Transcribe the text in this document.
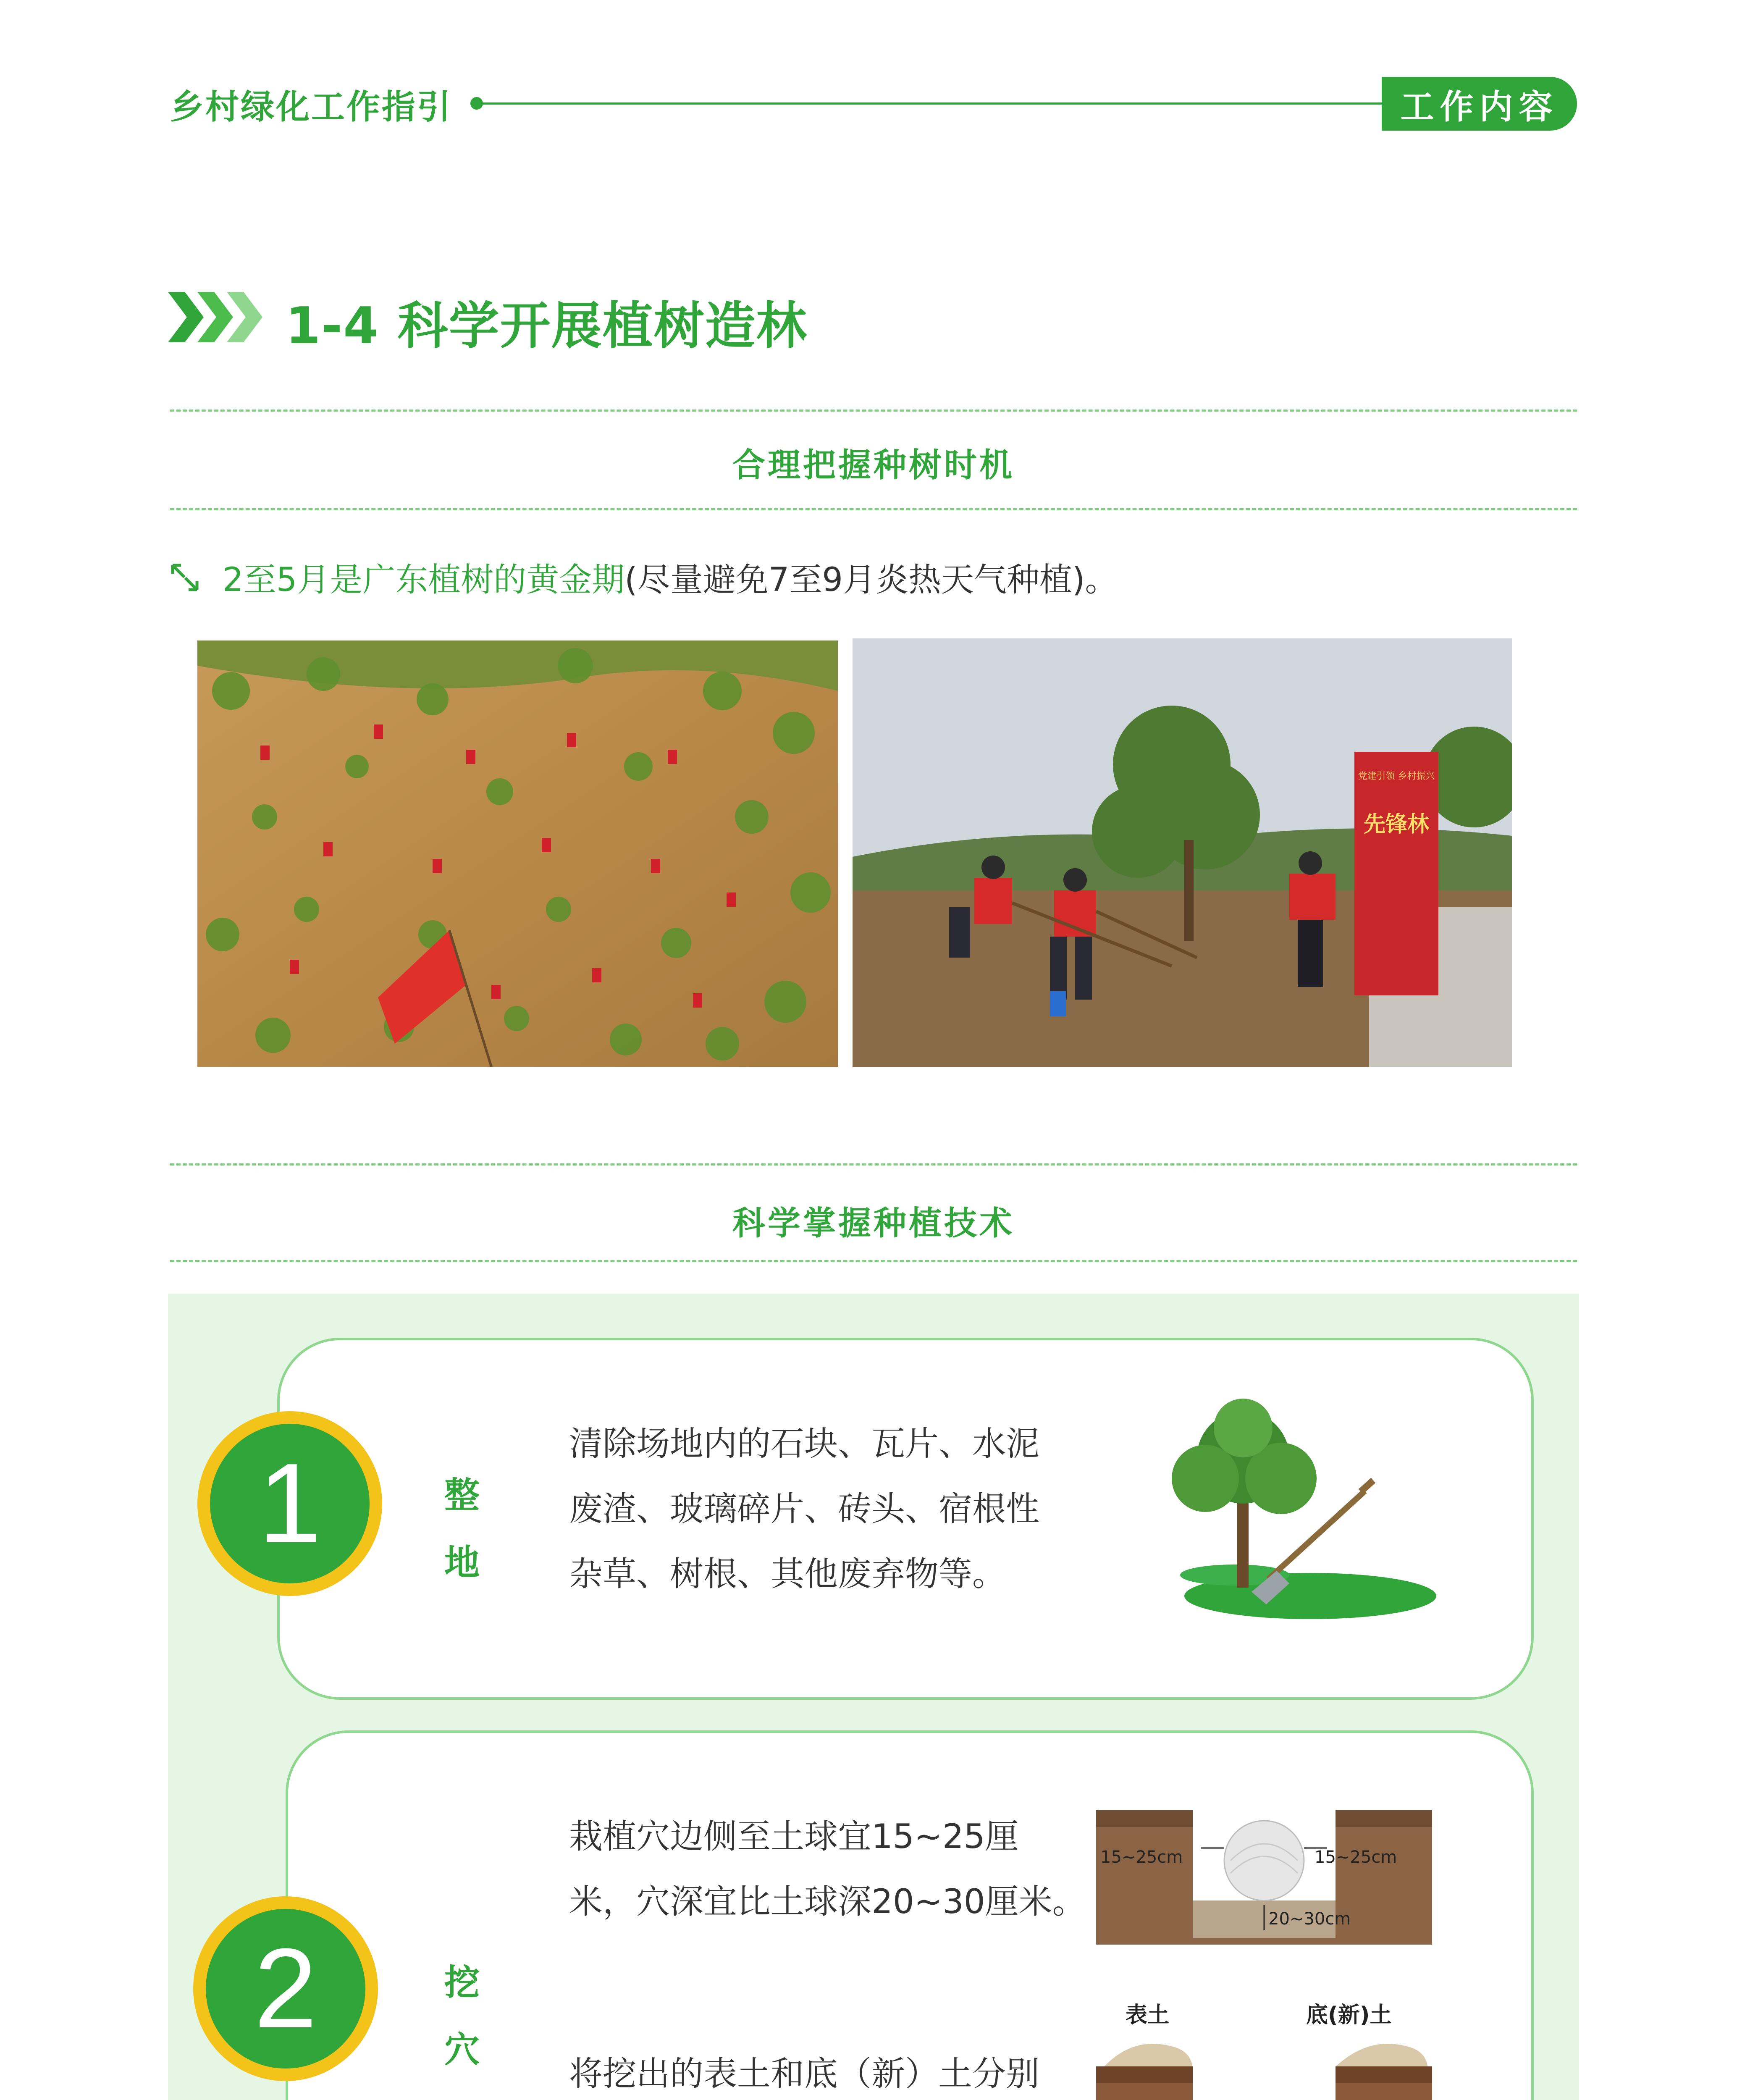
乡村绿化工作指引	工作内容
1-4 科学开展植树造林
合理把握种树时机
2至5月是广东植树的黄金期(尽量避免7至9月炎热天气种植)。
党建引领 乡村振兴
先锋林
科学掌握种植技术
1	整
地
清除场地内的石块、瓦片、水泥
废渣、玻璃碎片、砖头、宿根性
杂草、树根、其他废弃物等。
2	挖
穴
栽植穴边侧至土球宜15~25厘
米，穴深宜比土球深20~30厘米。
将挖出的表土和底（新）土分别
15~25cm	15~25cm
20~30cm
表土	底(新)土
